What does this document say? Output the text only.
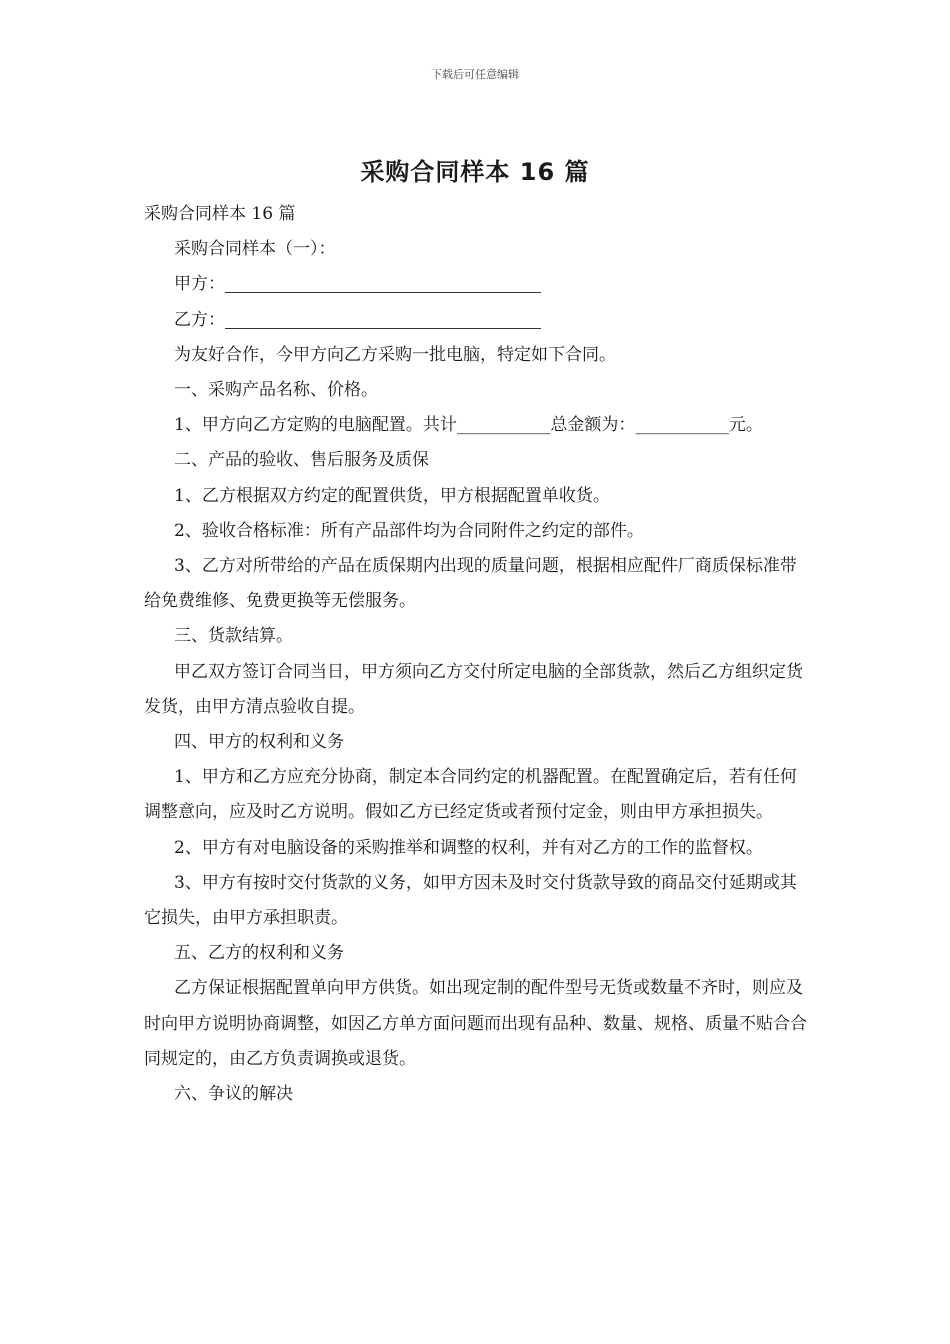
下载后可任意编辑
采购合同样本 16 篇

采购合同样本 16 篇

采购合同样本（一）：

甲方：

乙方：

为友好合作，今甲方向乙方采购一批电脑，特定如下合同。

一、采购产品名称、价格。

1、甲方向乙方定购的电脑配置。共计___________总金额为：___________元。

二、产品的验收、售后服务及质保

1、乙方根据双方约定的配置供货，甲方根据配置单收货。

2、验收合格标准：所有产品部件均为合同附件之约定的部件。

3、乙方对所带给的产品在质保期内出现的质量问题，根据相应配件厂商质保标准带给免费维修、免费更换等无偿服务。

三、货款结算。

甲乙双方签订合同当日，甲方须向乙方交付所定电脑的全部货款，然后乙方组织定货发货，由甲方清点验收自提。

四、甲方的权利和义务

1、甲方和乙方应充分协商，制定本合同约定的机器配置。在配置确定后，若有任何调整意向，应及时乙方说明。假如乙方已经定货或者预付定金，则由甲方承担损失。

2、甲方有对电脑设备的采购推举和调整的权利，并有对乙方的工作的监督权。

3、甲方有按时交付货款的义务，如甲方因未及时交付货款导致的商品交付延期或其它损失，由甲方承担职责。

五、乙方的权利和义务

乙方保证根据配置单向甲方供货。如出现定制的配件型号无货或数量不齐时，则应及时向甲方说明协商调整，如因乙方单方面问题而出现有品种、数量、规格、质量不贴合合同规定的，由乙方负责调换或退货。

六、争议的解决
